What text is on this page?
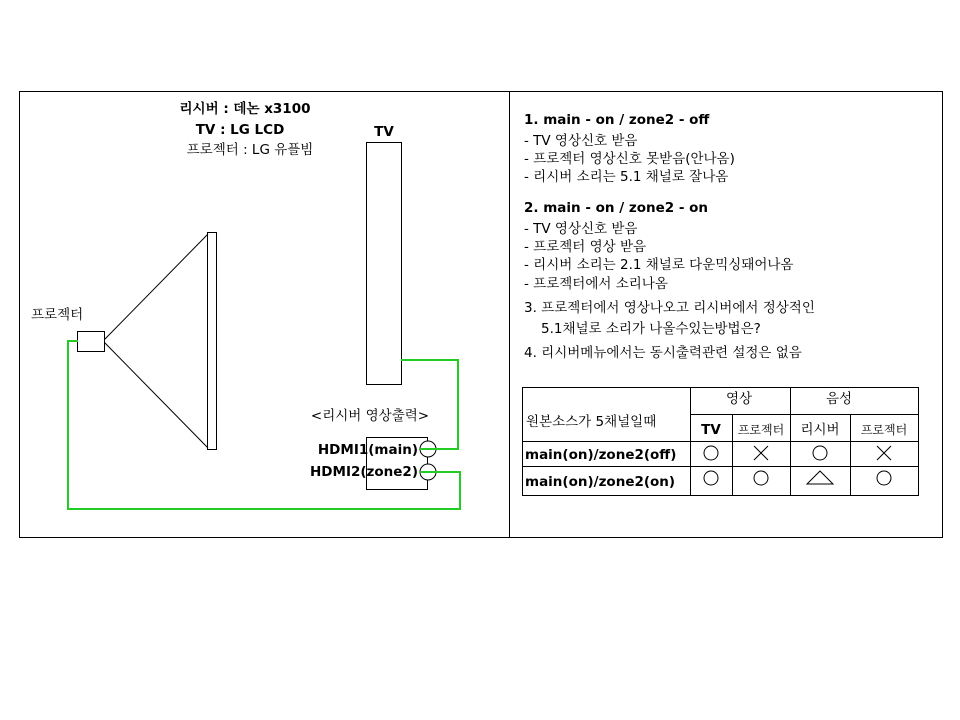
리시버 : 데논 x3100
TV : LG LCD
프로젝터 : LG 유플빔
TV
프로젝터
<리시버 영상출력>
HDMI1(main)
HDMI2(zone2)
1. main - on / zone2 - off
- TV 영상신호 받음
- 프로젝터 영상신호 못받음(안나옴)
- 리시버 소리는 5.1 채널로 잘나옴
2. main - on / zone2 - on
- TV 영상신호 받음
- 프로젝터 영상 받음
- 리시버 소리는 2.1 채널로 다운믹싱돼어나옴
- 프로젝터에서 소리나옴
3. 프로젝터에서 영상나오고 리시버에서 정상적인
5.1채널로 소리가 나올수있는방법은?
4. 리시버메뉴에서는 동시출력관련 설정은 없음
원본소스가 5채널일때
영상	음성
TV 프로젝터 리시버 프로젝터
main(on)/zone2(off)
main(on)/zone2(on)
